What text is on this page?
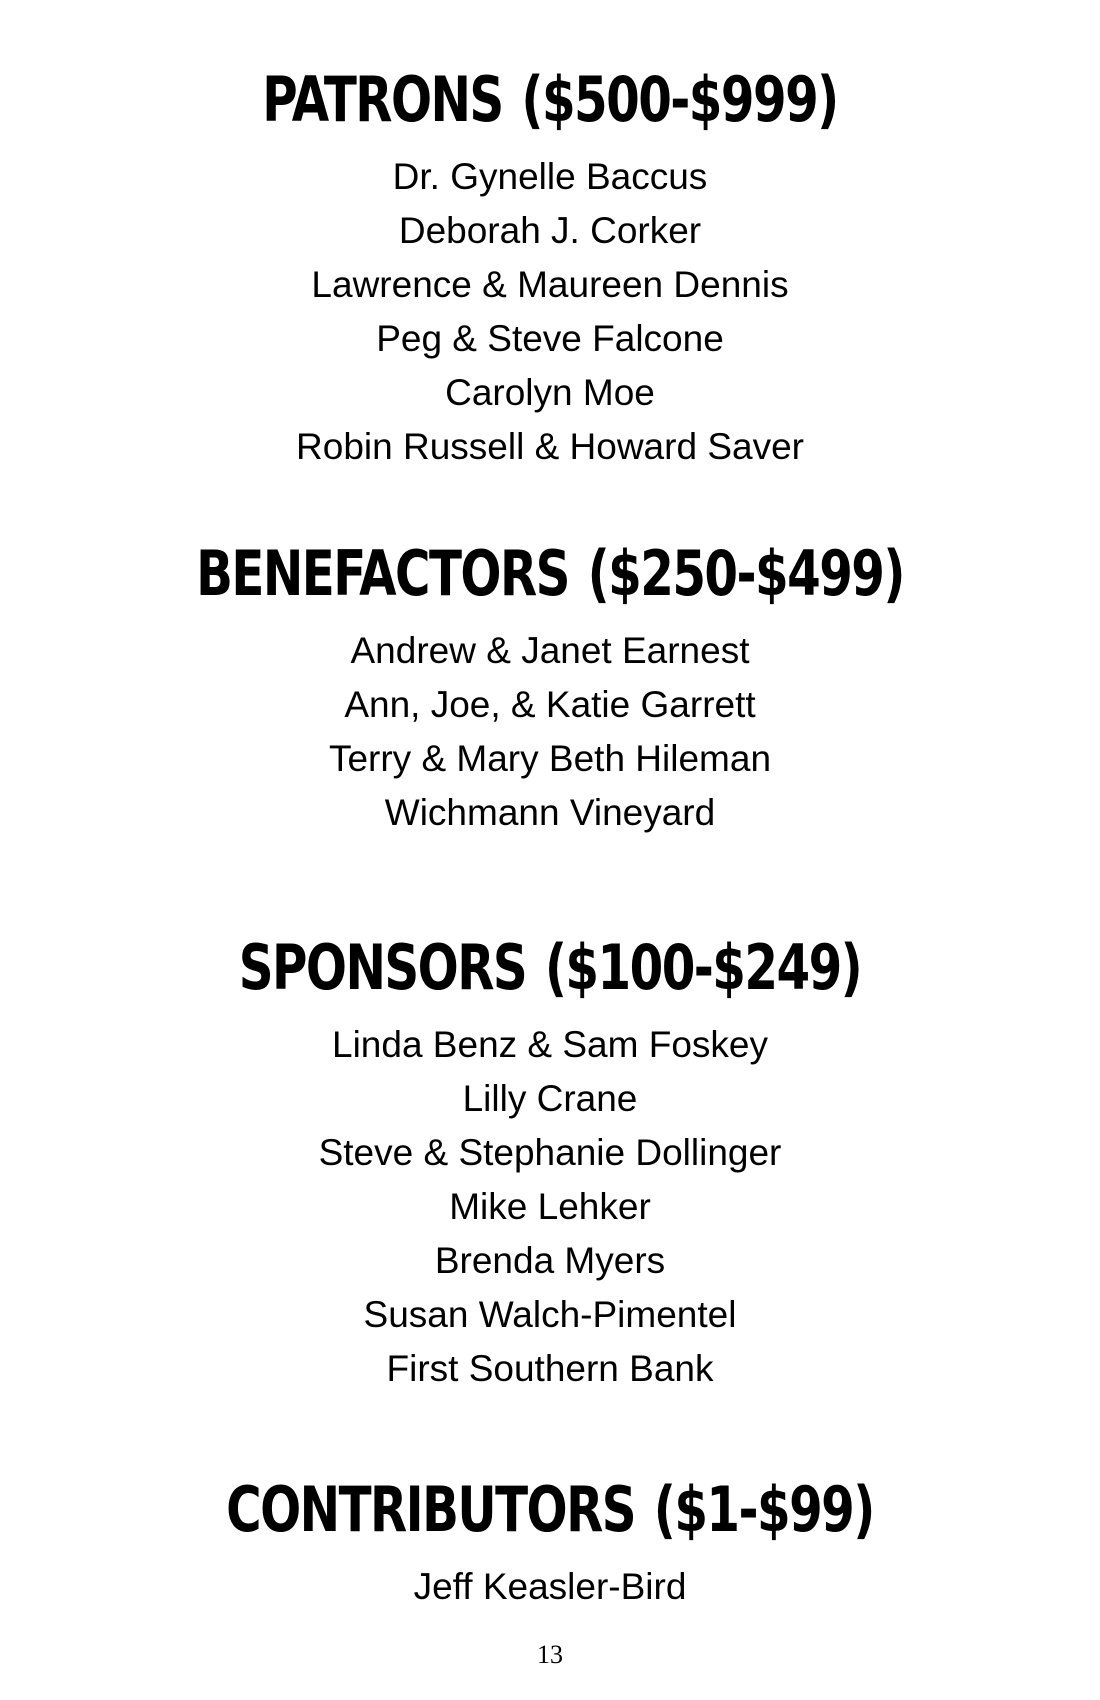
PATRONS ($500-$999)
Dr. Gynelle Baccus
Deborah J. Corker
Lawrence & Maureen Dennis
Peg & Steve Falcone
Carolyn Moe
Robin Russell & Howard Saver
BENEFACTORS ($250-$499)
Andrew & Janet Earnest
Ann, Joe, & Katie Garrett
Terry & Mary Beth Hileman
Wichmann Vineyard
SPONSORS ($100-$249)
Linda Benz & Sam Foskey
Lilly Crane
Steve & Stephanie Dollinger
Mike Lehker
Brenda Myers
Susan Walch-Pimentel
First Southern Bank
CONTRIBUTORS ($1-$99)
Jeff Keasler-Bird
13
